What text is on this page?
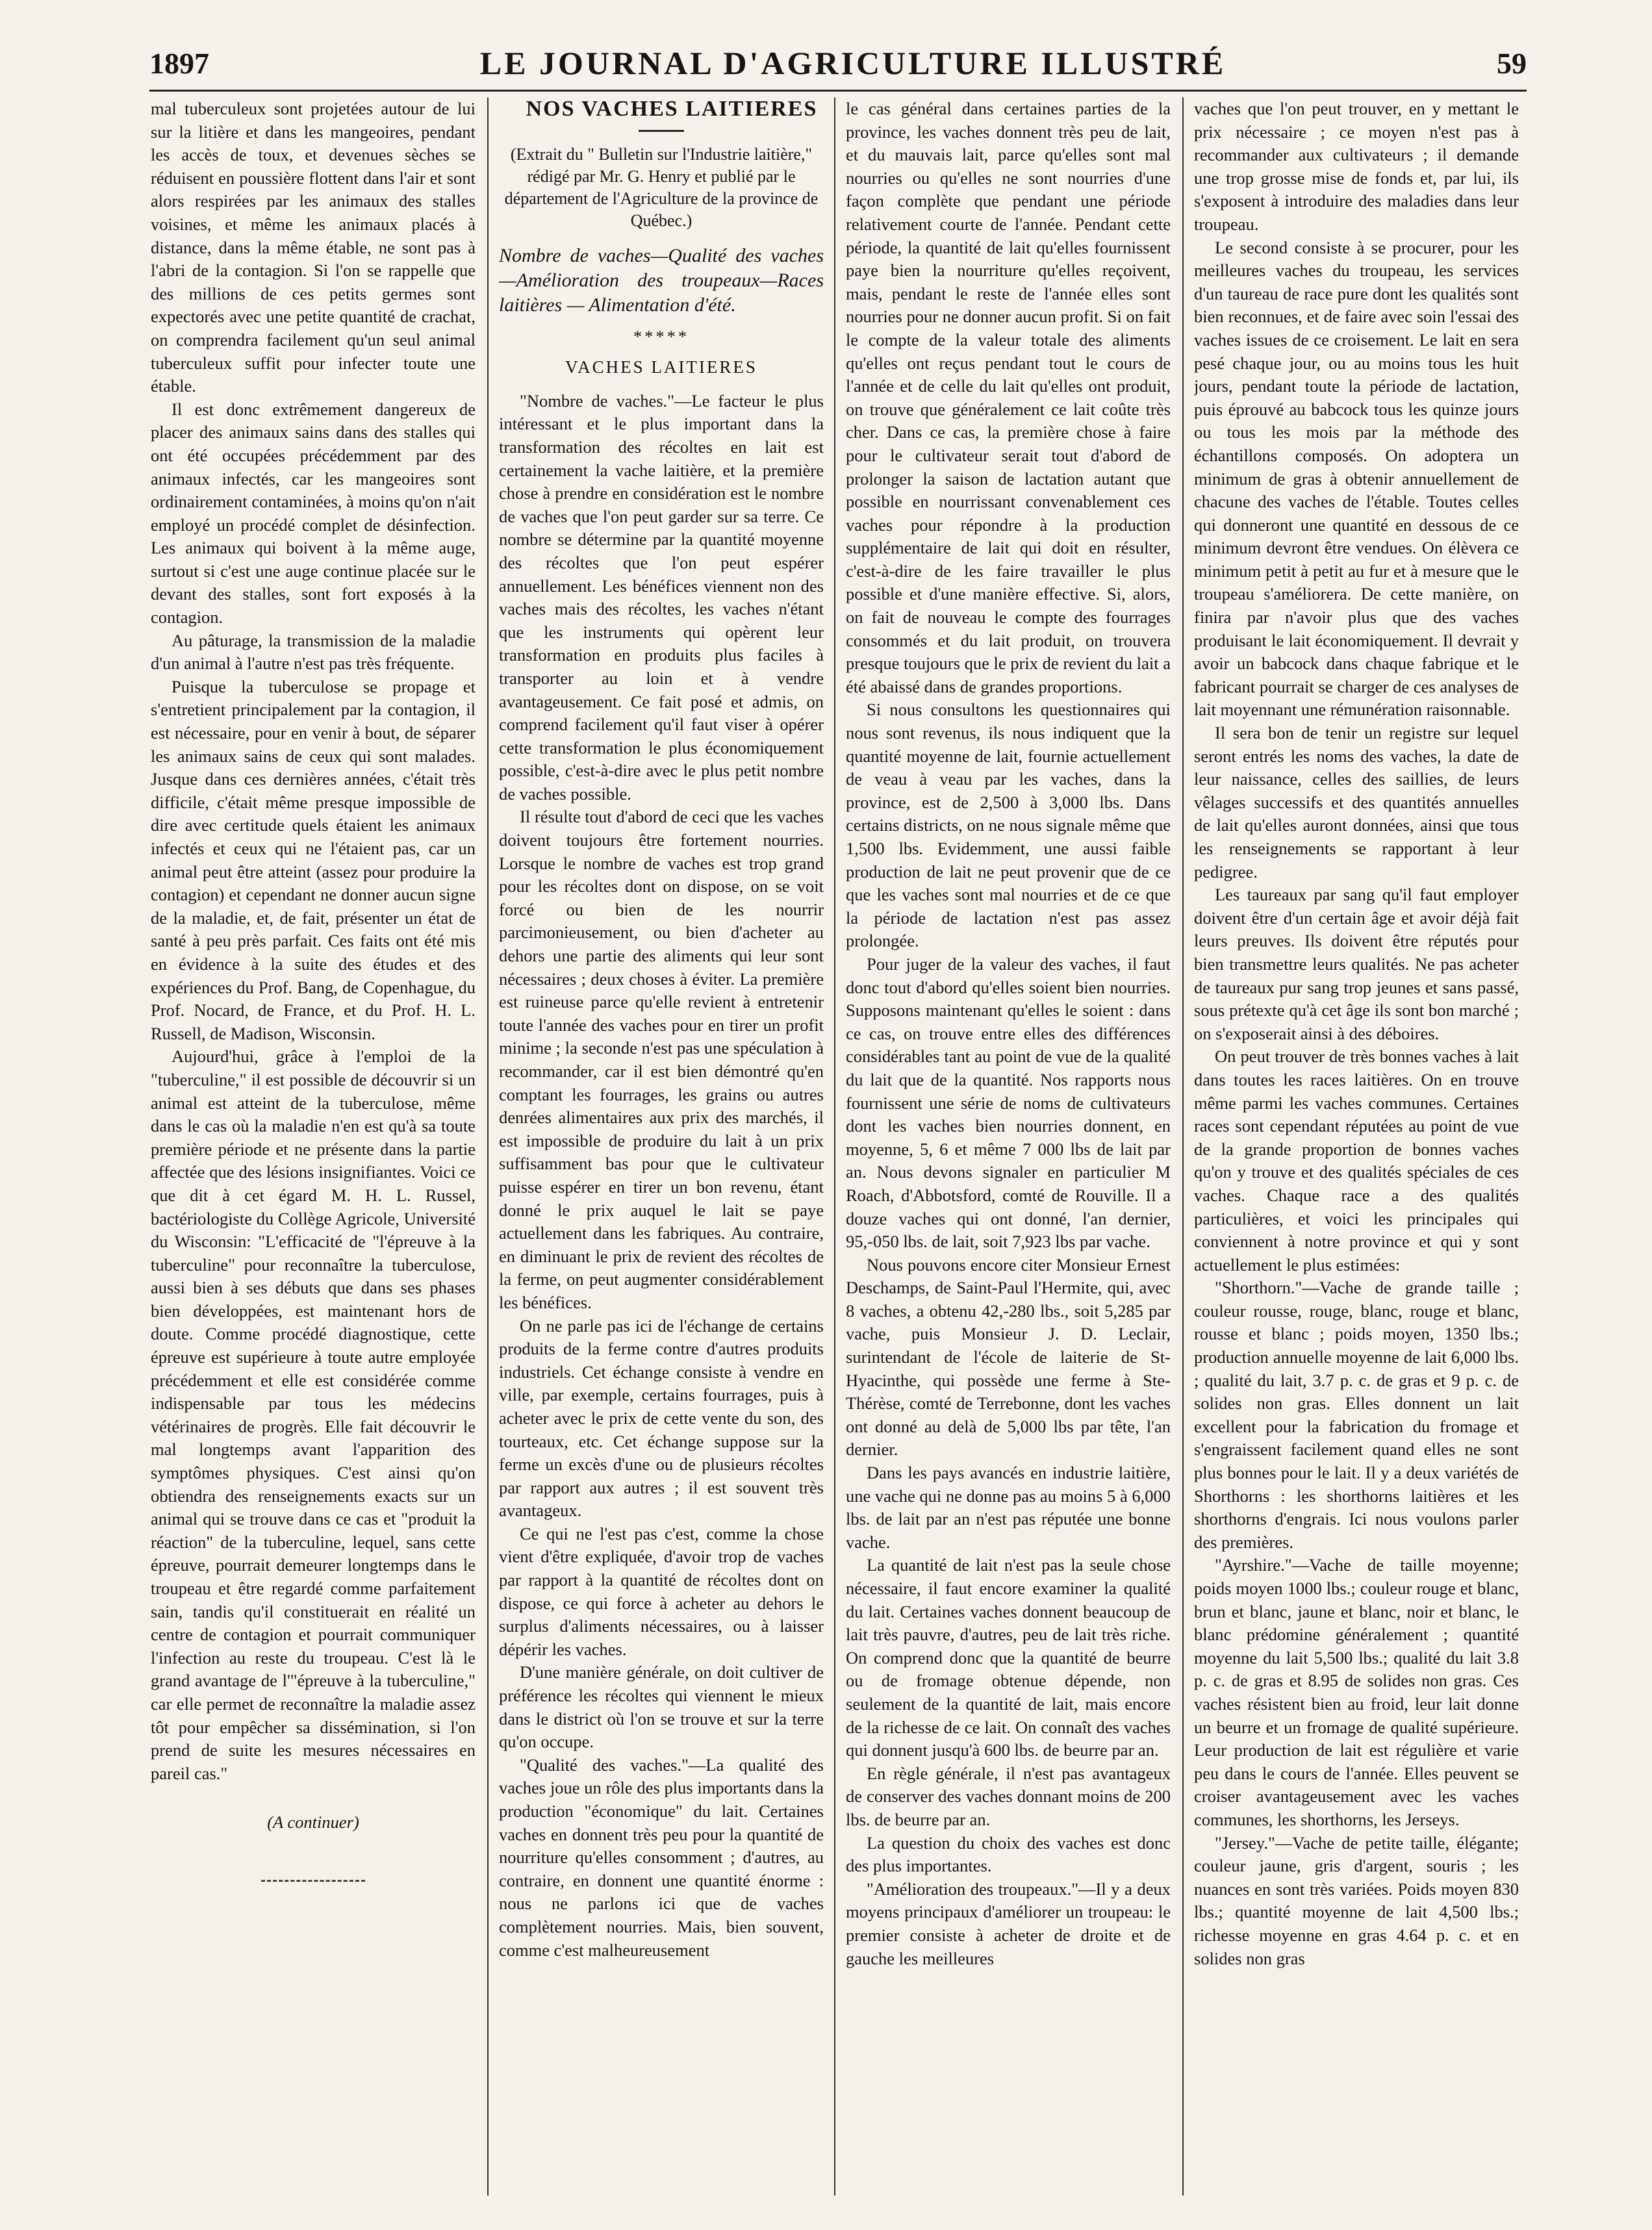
1897	LE JOURNAL D'AGRICULTURE ILLUSTRÉ	59

mal tuberculeux sont projetées autour de lui sur la litière et dans les mangeoires, pendant les accès de toux, et devenues sèches se réduisent en poussière flottent dans l'air et sont alors respirées par les animaux des stalles voisines, et même les animaux placés à distance, dans la même étable, ne sont pas à l'abri de la contagion. Si l'on se rappelle que des millions de ces petits germes sont expectorés avec une petite quantité de crachat, on comprendra facilement qu'un seul animal tuberculeux suffit pour infecter toute une étable.

Il est donc extrêmement dangereux de placer des animaux sains dans des stalles qui ont été occupées précédemment par des animaux infectés, car les mangeoires sont ordinairement contaminées, à moins qu'on n'ait employé un procédé complet de désinfection. Les animaux qui boivent à la même auge, surtout si c'est une auge continue placée sur le devant des stalles, sont fort exposés à la contagion.

Au pâturage, la transmission de la maladie d'un animal à l'autre n'est pas très fréquente.

Puisque la tuberculose se propage et s'entretient principalement par la contagion, il est nécessaire, pour en venir à bout, de séparer les animaux sains de ceux qui sont malades. Jusque dans ces dernières années, c'était très difficile, c'était même presque impossible de dire avec certitude quels étaient les animaux infectés et ceux qui ne l'étaient pas, car un animal peut être atteint (assez pour produire la contagion) et cependant ne donner aucun signe de la maladie, et, de fait, présenter un état de santé à peu près parfait. Ces faits ont été mis en évidence à la suite des études et des expériences du Prof. Bang, de Copenhague, du Prof. Nocard, de France, et du Prof. H. L. Russell, de Madison, Wisconsin.

Aujourd'hui, grâce à l'emploi de la "tuberculine," il est possible de découvrir si un animal est atteint de la tuberculose, même dans le cas où la maladie n'en est qu'à sa toute première période et ne présente dans la partie affectée que des lésions insignifiantes. Voici ce que dit à cet égard M. H. L. Russel, bactériologiste du Collège Agricole, Université du Wisconsin: "L'efficacité de "l'épreuve à la tuberculine" pour reconnaître la tuberculose, aussi bien à ses débuts que dans ses phases bien développées, est maintenant hors de doute. Comme procédé diagnostique, cette épreuve est supérieure à toute autre employée précédemment et elle est considérée comme indispensable par tous les médecins vétérinaires de progrès. Elle fait découvrir le mal longtemps avant l'apparition des symptômes physiques. C'est ainsi qu'on obtiendra des renseignements exacts sur un animal qui se trouve dans ce cas et "produit la réaction" de la tuberculine, lequel, sans cette épreuve, pourrait demeurer longtemps dans le troupeau et être regardé comme parfaitement sain, tandis qu'il constituerait en réalité un centre de contagion et pourrait communiquer l'infection au reste du troupeau. C'est là le grand avantage de l'"épreuve à la tuberculine," car elle permet de reconnaître la maladie assez tôt pour empêcher sa dissémination, si l'on prend de suite les mesures nécessaires en pareil cas."

(A continuer)

NOS VACHES LAITIERES

(Extrait du " Bulletin sur l'Industrie laitière," rédigé par Mr. G. Henry et publié par le département de l'Agriculture de la province de Québec.)

Nombre de vaches—Qualité des vaches—Amélioration des troupeaux—Races laitières — Alimentation d'été.

*****

VACHES LAITIERES

"Nombre de vaches."—Le facteur le plus intéressant et le plus important dans la transformation des récoltes en lait est certainement la vache laitière, et la première chose à prendre en considération est le nombre de vaches que l'on peut garder sur sa terre. Ce nombre se détermine par la quantité moyenne des récoltes que l'on peut espérer annuellement. Les bénéfices viennent non des vaches mais des récoltes, les vaches n'étant que les instruments qui opèrent leur transformation en produits plus faciles à transporter au loin et à vendre avantageusement. Ce fait posé et admis, on comprend facilement qu'il faut viser à opérer cette transformation le plus économiquement possible, c'est-à-dire avec le plus petit nombre de vaches possible.

Il résulte tout d'abord de ceci que les vaches doivent toujours être fortement nourries. Lorsque le nombre de vaches est trop grand pour les récoltes dont on dispose, on se voit forcé ou bien de les nourrir parcimonieusement, ou bien d'acheter au dehors une partie des aliments qui leur sont nécessaires ; deux choses à éviter. La première est ruineuse parce qu'elle revient à entretenir toute l'année des vaches pour en tirer un profit minime ; la seconde n'est pas une spéculation à recommander, car il est bien démontré qu'en comptant les fourrages, les grains ou autres denrées alimentaires aux prix des marchés, il est impossible de produire du lait à un prix suffisamment bas pour que le cultivateur puisse espérer en tirer un bon revenu, étant donné le prix auquel le lait se paye actuellement dans les fabriques. Au contraire, en diminuant le prix de revient des récoltes de la ferme, on peut augmenter considérablement les bénéfices.

On ne parle pas ici de l'échange de certains produits de la ferme contre d'autres produits industriels. Cet échange consiste à vendre en ville, par exemple, certains fourrages, puis à acheter avec le prix de cette vente du son, des tourteaux, etc. Cet échange suppose sur la ferme un excès d'une ou de plusieurs récoltes par rapport aux autres ; il est souvent très avantageux.

Ce qui ne l'est pas c'est, comme la chose vient d'être expliquée, d'avoir trop de vaches par rapport à la quantité de récoltes dont on dispose, ce qui force à acheter au dehors le surplus d'aliments nécessaires, ou à laisser dépérir les vaches.

D'une manière générale, on doit cultiver de préférence les récoltes qui viennent le mieux dans le district où l'on se trouve et sur la terre qu'on occupe.

"Qualité des vaches."—La qualité des vaches joue un rôle des plus importants dans la production "économique" du lait. Certaines vaches en donnent très peu pour la quantité de nourriture qu'elles consomment ; d'autres, au contraire, en donnent une quantité énorme : nous ne parlons ici que de vaches complètement nourries. Mais, bien souvent, comme c'est malheureusement

le cas général dans certaines parties de la province, les vaches donnent très peu de lait, et du mauvais lait, parce qu'elles sont mal nourries ou qu'elles ne sont nourries d'une façon complète que pendant une période relativement courte de l'année. Pendant cette période, la quantité de lait qu'elles fournissent paye bien la nourriture qu'elles reçoivent, mais, pendant le reste de l'année elles sont nourries pour ne donner aucun profit. Si on fait le compte de la valeur totale des aliments qu'elles ont reçus pendant tout le cours de l'année et de celle du lait qu'elles ont produit, on trouve que généralement ce lait coûte très cher. Dans ce cas, la première chose à faire pour le cultivateur serait tout d'abord de prolonger la saison de lactation autant que possible en nourrissant convenablement ces vaches pour répondre à la production supplémentaire de lait qui doit en résulter, c'est-à-dire de les faire travailler le plus possible et d'une manière effective. Si, alors, on fait de nouveau le compte des fourrages consommés et du lait produit, on trouvera presque toujours que le prix de revient du lait a été abaissé dans de grandes proportions.

Si nous consultons les questionnaires qui nous sont revenus, ils nous indiquent que la quantité moyenne de lait, fournie actuellement de veau à veau par les vaches, dans la province, est de 2,500 à 3,000 lbs. Dans certains districts, on ne nous signale même que 1,500 lbs. Evidemment, une aussi faible production de lait ne peut provenir que de ce que les vaches sont mal nourries et de ce que la période de lactation n'est pas assez prolongée.

Pour juger de la valeur des vaches, il faut donc tout d'abord qu'elles soient bien nourries. Supposons maintenant qu'elles le soient : dans ce cas, on trouve entre elles des différences considérables tant au point de vue de la qualité du lait que de la quantité. Nos rapports nous fournissent une série de noms de cultivateurs dont les vaches bien nourries donnent, en moyenne, 5, 6 et même 7 000 lbs de lait par an. Nous devons signaler en particulier M Roach, d'Abbotsford, comté de Rouville. Il a douze vaches qui ont donné, l'an dernier, 95,-050 lbs. de lait, soit 7,923 lbs par vache.

Nous pouvons encore citer Monsieur Ernest Deschamps, de Saint-Paul l'Hermite, qui, avec 8 vaches, a obtenu 42,-280 lbs., soit 5,285 par vache, puis Monsieur J. D. Leclair, surintendant de l'école de laiterie de St-Hyacinthe, qui possède une ferme à Ste-Thérèse, comté de Terrebonne, dont les vaches ont donné au delà de 5,000 lbs par tête, l'an dernier.

Dans les pays avancés en industrie laitière, une vache qui ne donne pas au moins 5 à 6,000 lbs. de lait par an n'est pas réputée une bonne vache.

La quantité de lait n'est pas la seule chose nécessaire, il faut encore examiner la qualité du lait. Certaines vaches donnent beaucoup de lait très pauvre, d'autres, peu de lait très riche. On comprend donc que la quantité de beurre ou de fromage obtenue dépende, non seulement de la quantité de lait, mais encore de la richesse de ce lait. On connaît des vaches qui donnent jusqu'à 600 lbs. de beurre par an.

En règle générale, il n'est pas avantageux de conserver des vaches donnant moins de 200 lbs. de beurre par an.

La question du choix des vaches est donc des plus importantes.

"Amélioration des troupeaux."—Il y a deux moyens principaux d'améliorer un troupeau: le premier consiste à acheter de droite et de gauche les meilleures

vaches que l'on peut trouver, en y mettant le prix nécessaire ; ce moyen n'est pas à recommander aux cultivateurs ; il demande une trop grosse mise de fonds et, par lui, ils s'exposent à introduire des maladies dans leur troupeau.

Le second consiste à se procurer, pour les meilleures vaches du troupeau, les services d'un taureau de race pure dont les qualités sont bien reconnues, et de faire avec soin l'essai des vaches issues de ce croisement. Le lait en sera pesé chaque jour, ou au moins tous les huit jours, pendant toute la période de lactation, puis éprouvé au babcock tous les quinze jours ou tous les mois par la méthode des échantillons composés. On adoptera un minimum de gras à obtenir annuellement de chacune des vaches de l'étable. Toutes celles qui donneront une quantité en dessous de ce minimum devront être vendues. On élèvera ce minimum petit à petit au fur et à mesure que le troupeau s'améliorera. De cette manière, on finira par n'avoir plus que des vaches produisant le lait économiquement. Il devrait y avoir un babcock dans chaque fabrique et le fabricant pourrait se charger de ces analyses de lait moyennant une rémunération raisonnable.

Il sera bon de tenir un registre sur lequel seront entrés les noms des vaches, la date de leur naissance, celles des saillies, de leurs vêlages successifs et des quantités annuelles de lait qu'elles auront données, ainsi que tous les renseignements se rapportant à leur pedigree.

Les taureaux par sang qu'il faut employer doivent être d'un certain âge et avoir déjà fait leurs preuves. Ils doivent être réputés pour bien transmettre leurs qualités. Ne pas acheter de taureaux pur sang trop jeunes et sans passé, sous prétexte qu'à cet âge ils sont bon marché ; on s'exposerait ainsi à des déboires.

On peut trouver de très bonnes vaches à lait dans toutes les races laitières. On en trouve même parmi les vaches communes. Certaines races sont cependant réputées au point de vue de la grande proportion de bonnes vaches qu'on y trouve et des qualités spéciales de ces vaches. Chaque race a des qualités particulières, et voici les principales qui conviennent à notre province et qui y sont actuellement le plus estimées:

"Shorthorn."—Vache de grande taille ; couleur rousse, rouge, blanc, rouge et blanc, rousse et blanc ; poids moyen, 1350 lbs.; production annuelle moyenne de lait 6,000 lbs. ; qualité du lait, 3.7 p. c. de gras et 9 p. c. de solides non gras. Elles donnent un lait excellent pour la fabrication du fromage et s'engraissent facilement quand elles ne sont plus bonnes pour le lait. Il y a deux variétés de Shorthorns : les shorthorns laitières et les shorthorns d'engrais. Ici nous voulons parler des premières.

"Ayrshire."—Vache de taille moyenne; poids moyen 1000 lbs.; couleur rouge et blanc, brun et blanc, jaune et blanc, noir et blanc, le blanc prédomine généralement ; quantité moyenne du lait 5,500 lbs.; qualité du lait 3.8 p. c. de gras et 8.95 de solides non gras. Ces vaches résistent bien au froid, leur lait donne un beurre et un fromage de qualité supérieure. Leur production de lait est régulière et varie peu dans le cours de l'année. Elles peuvent se croiser avantageusement avec les vaches communes, les shorthorns, les Jerseys.

"Jersey."—Vache de petite taille, élégante; couleur jaune, gris d'argent, souris ; les nuances en sont très variées. Poids moyen 830 lbs.; quantité moyenne de lait 4,500 lbs.; richesse moyenne en gras 4.64 p. c. et en solides non gras
